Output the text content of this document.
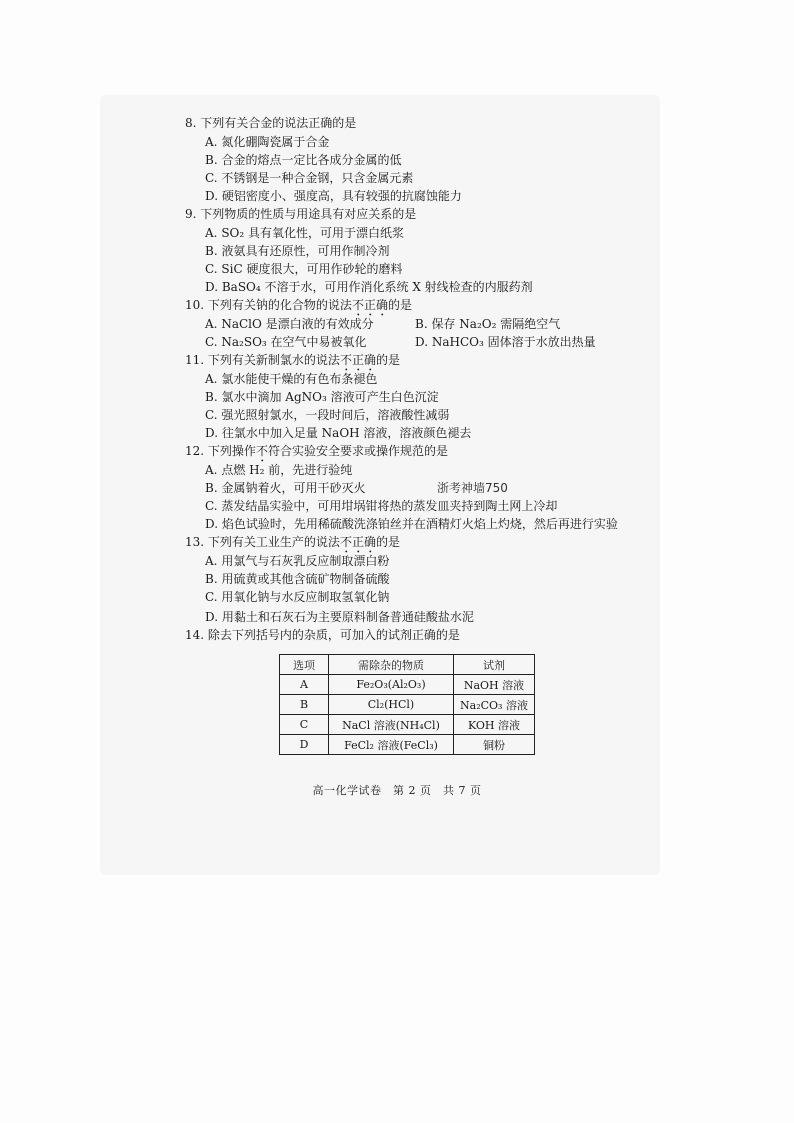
8. 下列有关合金的说法正确的是
A. 氮化硼陶瓷属于合金
B. 合金的熔点一定比各成分金属的低
C. 不锈钢是一种合金钢，只含金属元素
D. 硬铝密度小、强度高，具有较强的抗腐蚀能力
9. 下列物质的性质与用途具有对应关系的是
A. SO₂ 具有氧化性，可用于漂白纸浆
B. 液氨具有还原性，可用作制冷剂
C. SiC 硬度很大，可用作砂轮的磨料
D. BaSO₄ 不溶于水，可用作消化系统 X 射线检查的内服药剂
10. 下列有关钠的化合物的说法不正确的是
A. NaClO 是漂白液的有效成分	B. 保存 Na₂O₂ 需隔绝空气
C. Na₂SO₃ 在空气中易被氧化	D. NaHCO₃ 固体溶于水放出热量
11. 下列有关新制氯水的说法不正确的是
A. 氯水能使干燥的有色布条褪色
B. 氯水中滴加 AgNO₃ 溶液可产生白色沉淀
C. 强光照射氯水，一段时间后，溶液酸性减弱
D. 往氯水中加入足量 NaOH 溶液，溶液颜色褪去
12. 下列操作不符合实验安全要求或操作规范的是
A. 点燃 H₂ 前，先进行验纯
B. 金属钠着火，可用干砂灭火
C. 蒸发结晶实验中，可用坩埚钳将热的蒸发皿夹持到陶土网上冷却
D. 焰色试验时，先用稀硫酸洗涤铂丝并在酒精灯火焰上灼烧，然后再进行实验
13. 下列有关工业生产的说法不正确的是
A. 用氯气与石灰乳反应制取漂白粉
B. 用硫黄或其他含硫矿物制备硫酸
C. 用氧化钠与水反应制取氢氧化钠
D. 用黏土和石灰石为主要原料制备普通硅酸盐水泥
14. 除去下列括号内的杂质，可加入的试剂正确的是
浙考神墙750
选项	需除杂的物质	试剂
A	Fe₂O₃(Al₂O₃)	NaOH 溶液
B	Cl₂(HCl)	Na₂CO₃ 溶液
C	NaCl 溶液(NH₄Cl)	KOH 溶液
D	FeCl₂ 溶液(FeCl₃)	铜粉
高一化学试卷　第 2 页　共 7 页
